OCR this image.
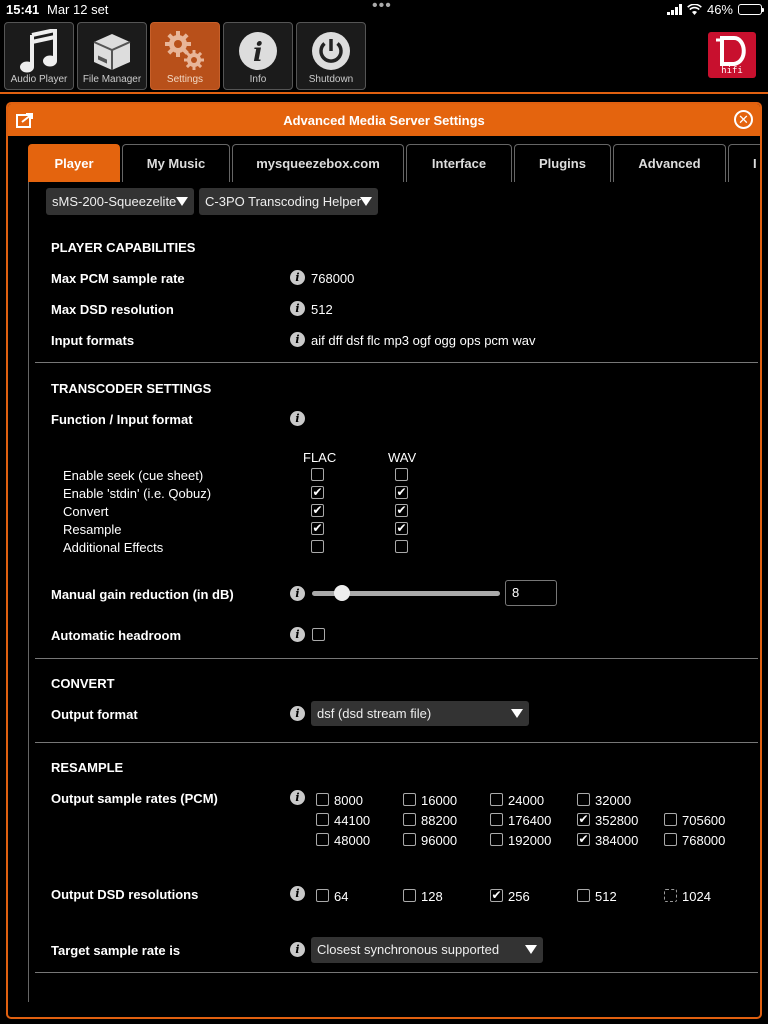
15:41 Mar 12 set	•••	46%
Audio Player	File Manager	Settings
i
Info	Shutdown
hifi
Advanced Media Server Settings	✕
Player	My Music	mysqueezebox.com	Interface	Plugins	Advanced	I
sMS-200-Squeezelite	C-3PO Transcoding Helper
PLAYER CAPABILITIES
Max PCM sample rate	i 768000
Max DSD resolution	i 512
Input formats	i aif dff dsf flc mp3 ogf ogg ops pcm wav
TRANSCODER SETTINGS
Function / Input format	i
FLAC	WAV
Enable seek (cue sheet)
Enable 'stdin' (i.e. Qobuz)	✔	✔
Convert	✔	✔
Resample	✔	✔
Additional Effects
Manual gain reduction (in dB)	i	8
Automatic headroom	i
CONVERT
Output format	i	dsf (dsd stream file)
RESAMPLE
Output sample rates (PCM)	i	8000	16000	24000	32000
44100	88200	176400 ✔ 352800	705600
48000	96000	192000 ✔ 384000	768000
Output DSD resolutions	i	64	128	✔ 256	512	1024
Target sample rate is	i	Closest synchronous supported
